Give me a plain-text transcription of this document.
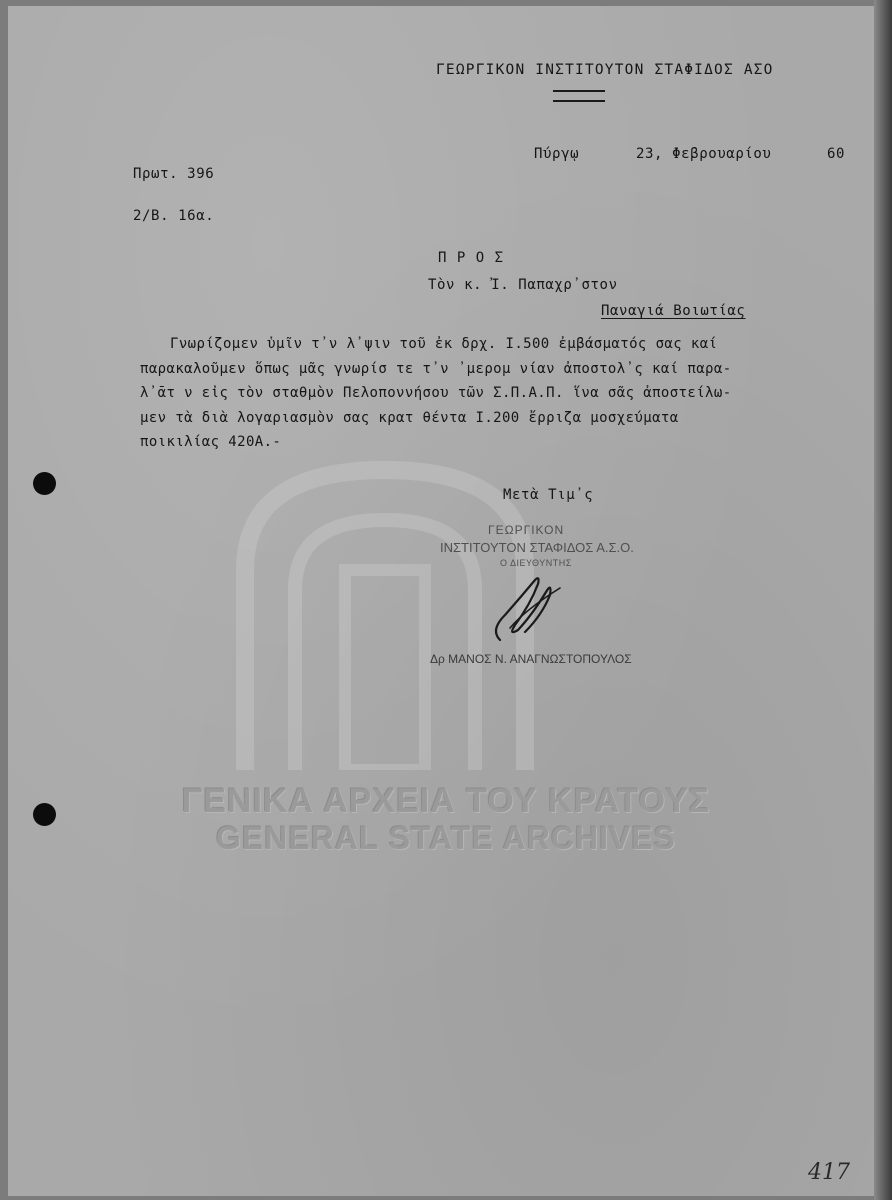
ΓΕΝΙΚΑ ΑΡΧΕΙΑ ΤΟΥ ΚΡΑΤΟΥΣ
GENERAL STATE ARCHIVES
ΓΕΩΡΓΙΚΟΝ ΙΝΣΤΙΤΟΥΤΟΝ ΣΤΑΦΙΔΟΣ ΑΣΟ
Πύργῳ	23, Φεβρουαρίου	60
Πρωτ. 396
2/Β. 16α.
Π Ρ Ο Σ
Τὸν κ. Ἰ. Παπαχρ᾽στον
Παναγιά Βοιωτίας
Γνωρίζομεν ὑμῖν τ᾽ν λ᾽ψιν τοῦ ἐκ δρχ. Ι.500 ἐμβάσματός σας καί
παρακαλοῦμεν ὅπως μᾶς γνωρίσ τε τ᾽ν ᾽μερομ νίαν ἀποστολ᾽ς καί παρα-
λ᾽ᾱτ ν εἰς τὸν σταθμὸν Πελοποννήσου τῶν Σ.Π.Α.Π. ἵνα σᾶς ἀποστείλω-
μεν τὰ διὰ λογαριασμὸν σας κρατ θέντα Ι.200 ἔρριζα μοσχεύματα
ποικιλίας 420Α.-
Μετὰ Τιμ᾽ς
ΓΕΩΡΓΙΚΟΝ
ΙΝΣΤΙΤΟΥΤΟΝ ΣΤΑΦΙΔΟΣ Α.Σ.Ο.
Ο ΔΙΕΥΘΥΝΤΗΣ
Δρ ΜΑΝΟΣ Ν. ΑΝΑΓΝΩΣΤΟΠΟΥΛΟΣ
417
